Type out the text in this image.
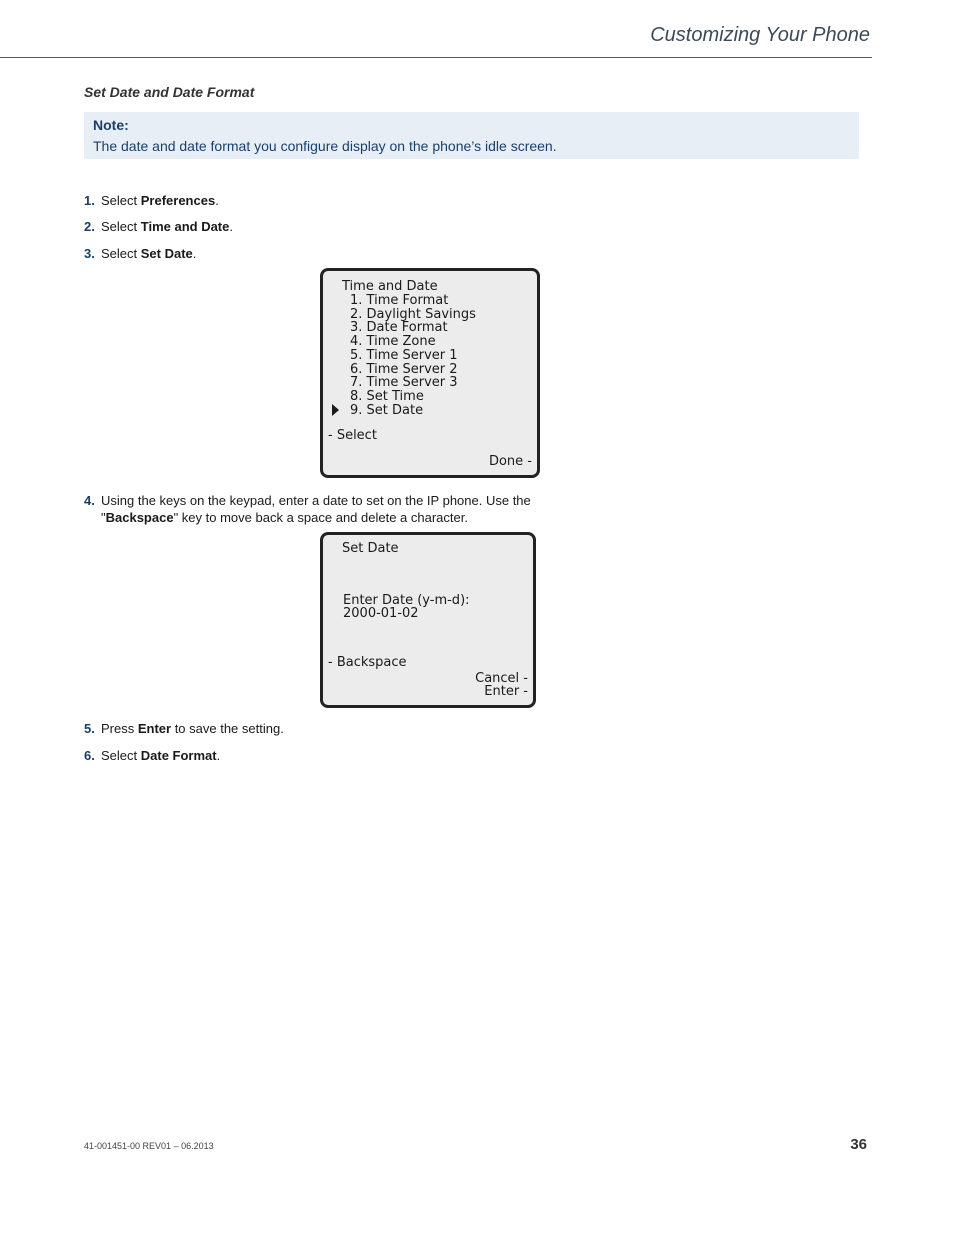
Customizing Your Phone
Set Date and Date Format
Note:
The date and date format you configure display on the phone’s idle screen.
1. Select Preferences.
2. Select Time and Date.
3. Select Set Date.
Time and Date
1. Time Format
2. Daylight Savings
3. Date Format
4. Time Zone
5. Time Server 1
6. Time Server 2
7. Time Server 3
8. Set Time
9. Set Date
- Select
Done -
4. Using the keys on the keypad, enter a date to set on the IP phone. Use the
"Backspace" key to move back a space and delete a character.
Set Date
Enter Date (y-m-d):
2000-01-02
- Backspace
Cancel -
Enter -
5. Press Enter to save the setting.
6. Select Date Format.
41-001451-00 REV01 – 06.2013	36
